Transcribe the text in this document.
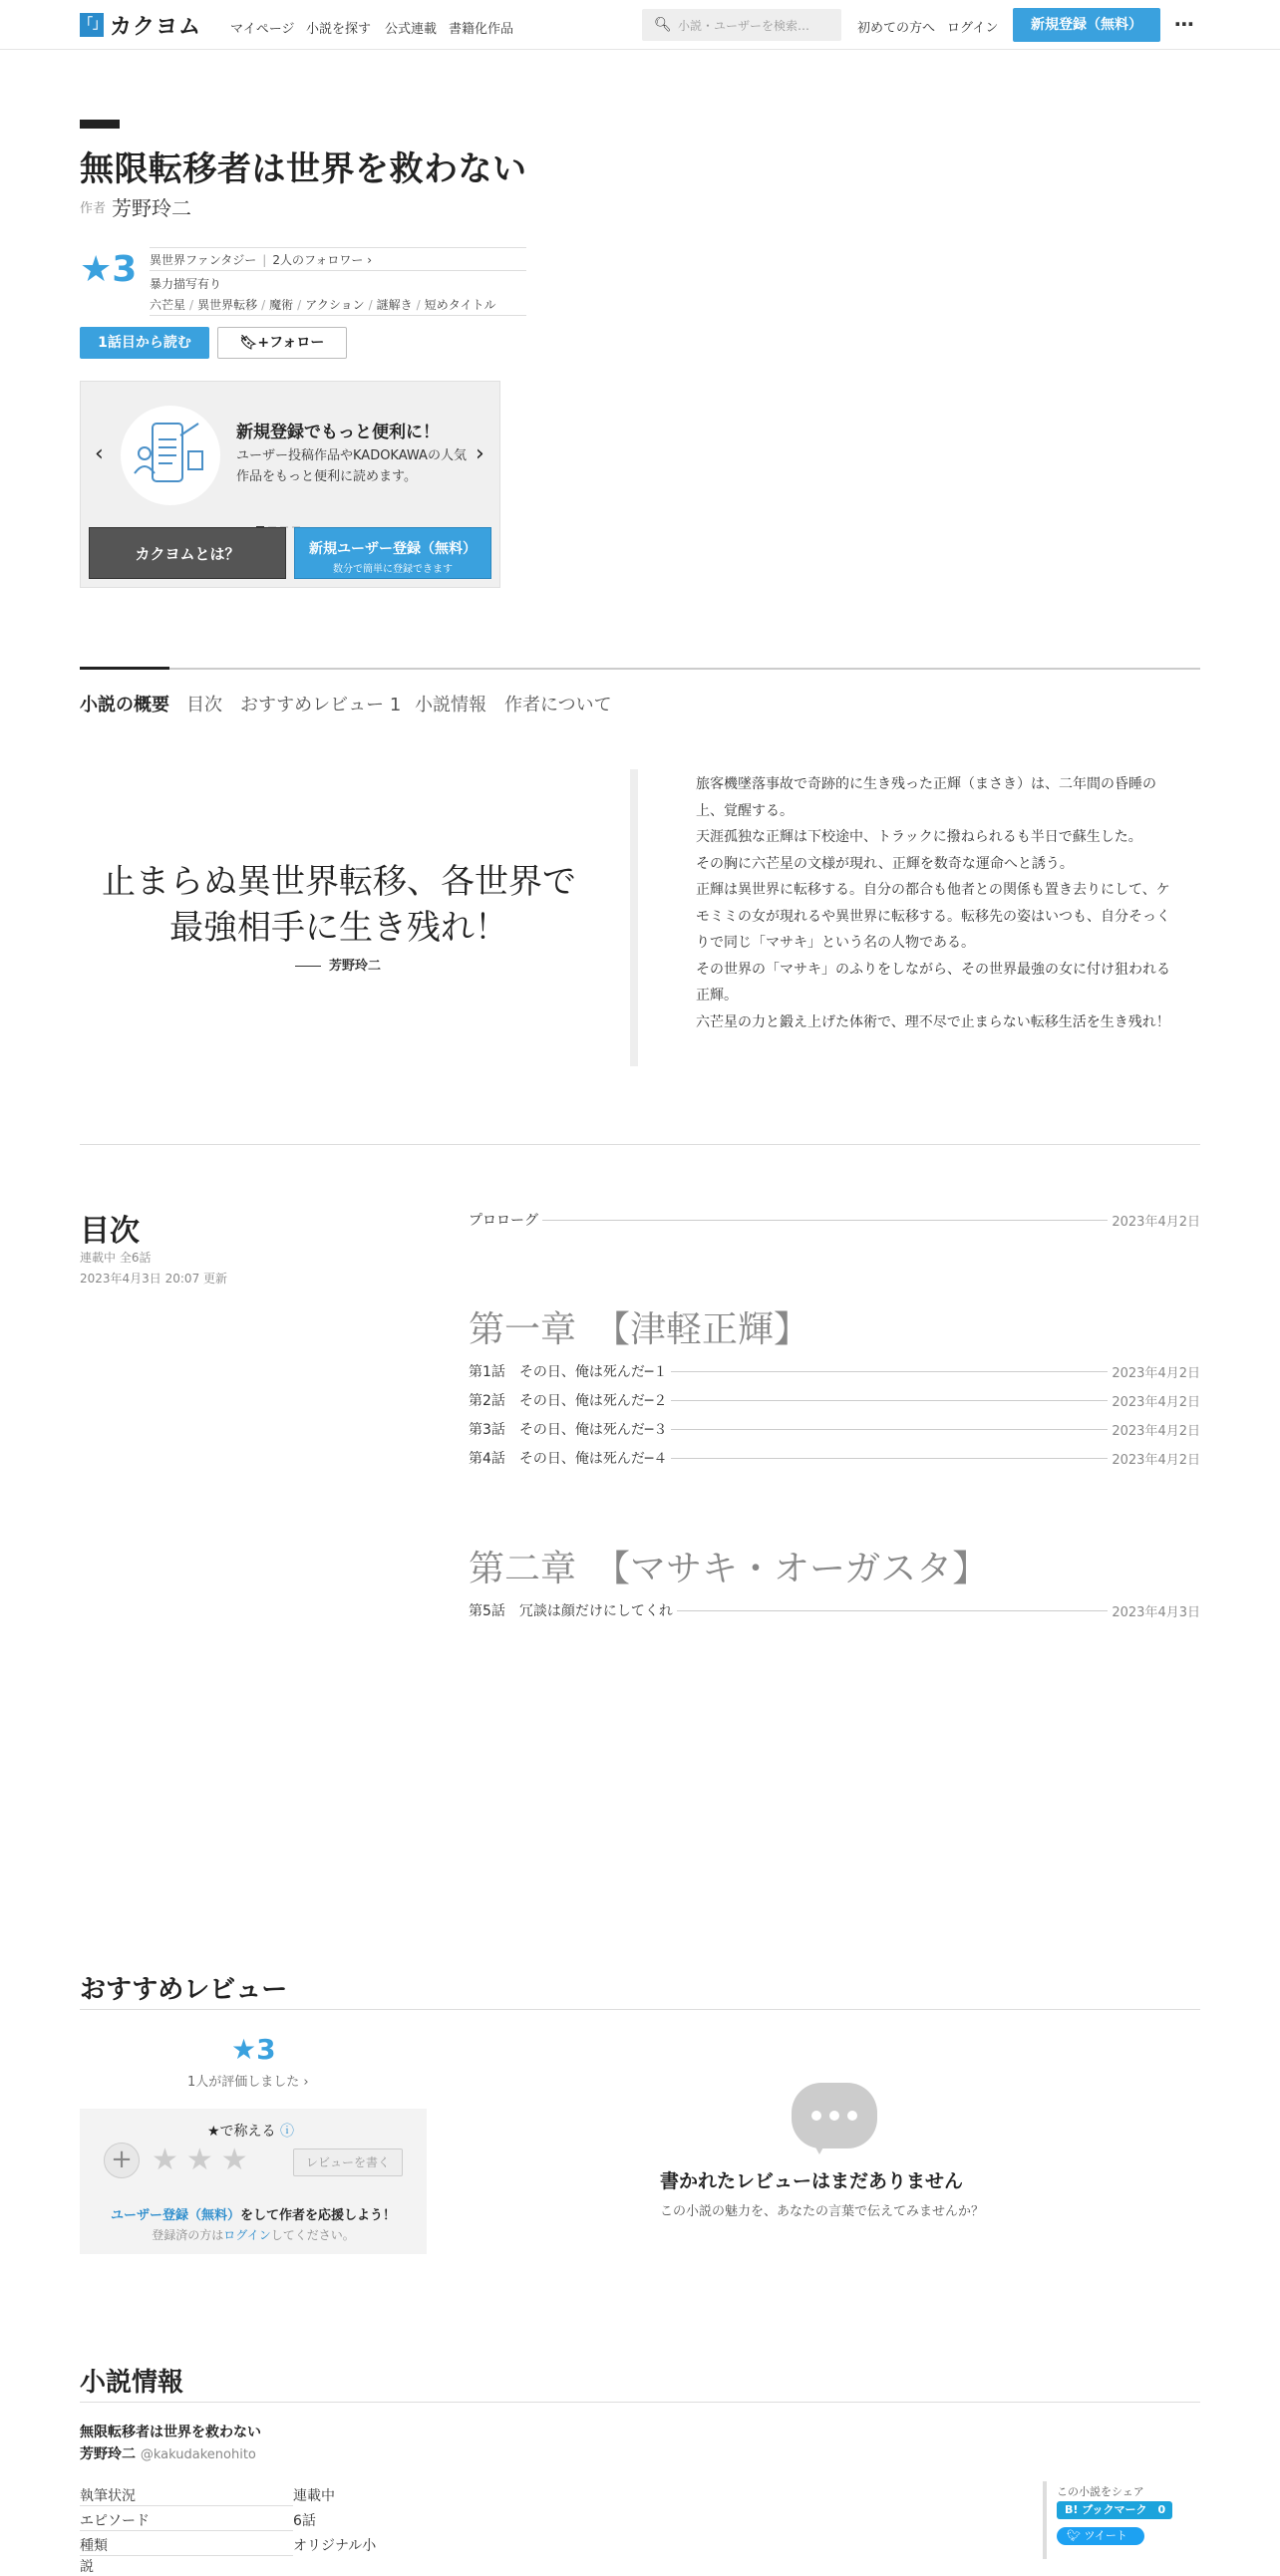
「」 カクヨム マイページ 小説を探す 公式連載 書籍化作品	🔍︎ 小説・ユーザーを検索…	初めての方へ ログイン	新規登録（無料）	⋯
無限転移者は世界を救わない
作者 芳野玲二
★3 異世界ファンタジー | 2人のフォロワー ›
暴力描写有り
六芒星 / 異世界転移 / 魔術 / アクション / 謎解き / 短めタイトル
1話目から読む	🔖︎+フォロー
‹
新規登録でもっと便利に！
ユーザー投稿作品やKADOKAWAの人気作品をもっと便利に読めます。
›
カクヨムとは？	新規ユーザー登録（無料）
数分で簡単に登録できます
小説の概要 目次 おすすめレビュー 1 小説情報 作者について
止まらぬ異世界転移、各世界で最強相手に生き残れ！
芳野玲二

旅客機墜落事故で奇跡的に生き残った正輝（まさき）は、二年間の昏睡の上、覚醒する。

天涯孤独な正輝は下校途中、トラックに撥ねられるも半日で蘇生した。

その胸に六芒星の文様が現れ、正輝を数奇な運命へと誘う。

正輝は異世界に転移する。自分の都合も他者との関係も置き去りにして、ケモミミの女が現れるや異世界に転移する。転移先の姿はいつも、自分そっくりで同じ「マサキ」という名の人物である。

その世界の「マサキ」のふりをしながら、その世界最強の女に付け狙われる正輝。

六芒星の力と鍛え上げた体術で、理不尽で止まらない転移生活を生き残れ！

目次
連載中 全6話
2023年4月3日 20:07 更新
プロローグ	2023年4月2日
第一章　【津軽正輝】
第1話　その日、俺は死んだ─１	2023年4月2日
第2話　その日、俺は死んだ─２	2023年4月2日
第3話　その日、俺は死んだ─３	2023年4月2日
第4話　その日、俺は死んだ─４	2023年4月2日
第二章　【マサキ・オーガスタ】
第5話　冗談は顔だけにしてくれ	2023年4月3日
おすすめレビュー
★3
1人が評価しました ›
★で称える ⓘ
+ ★★★	レビューを書く
ユーザー登録（無料）をして作者を応援しよう！
登録済の方はログインしてください。
書かれたレビューはまだありません
この小説の魅力を、あなたの言葉で伝えてみませんか？
小説情報
無限転移者は世界を救わない
芳野玲二 @kakudakenohito
執筆状況	連載中
エピソード	6話
種類	オリジナル小説
この小説をシェア
B! ブックマーク　0
🐦︎ ツイート
